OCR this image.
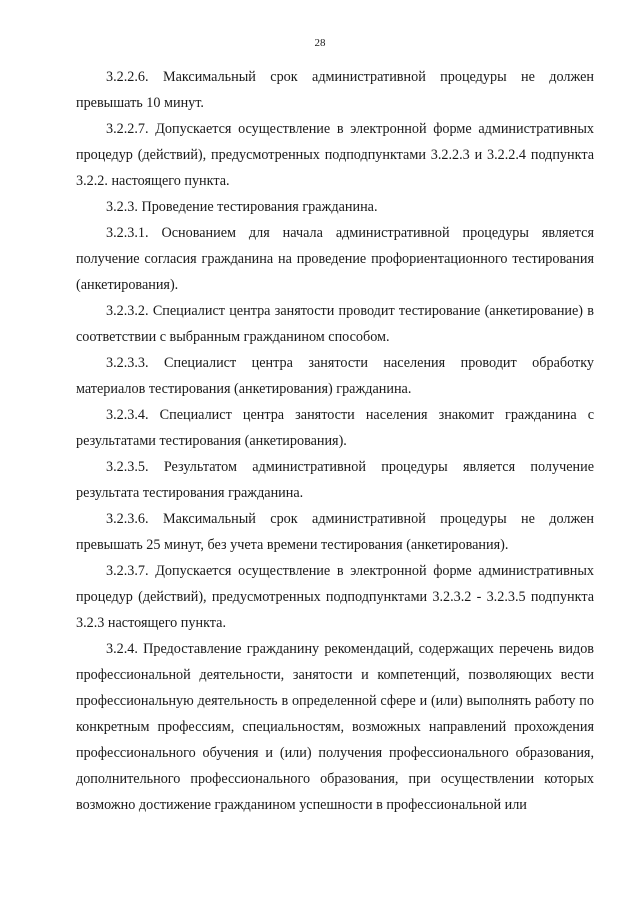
28

3.2.2.6. Максимальный срок административной процедуры не должен превышать 10 минут.

3.2.2.7. Допускается осуществление в электронной форме административных процедур (действий), предусмотренных подподпунктами 3.2.2.3 и 3.2.2.4 подпункта 3.2.2. настоящего пункта.

3.2.3. Проведение тестирования гражданина.

3.2.3.1. Основанием для начала административной процедуры является получение согласия гражданина на проведение профориентационного тестирования (анкетирования).

3.2.3.2. Специалист центра занятости проводит тестирование (анкетирование) в соответствии с выбранным гражданином способом.

3.2.3.3. Специалист центра занятости населения проводит обработку материалов тестирования (анкетирования) гражданина.

3.2.3.4. Специалист центра занятости населения знакомит гражданина с результатами тестирования (анкетирования).

3.2.3.5. Результатом административной процедуры является получение результата тестирования гражданина.

3.2.3.6. Максимальный срок административной процедуры не должен превышать 25 минут, без учета времени тестирования (анкетирования).

3.2.3.7. Допускается осуществление в электронной форме административных процедур (действий), предусмотренных подподпунктами 3.2.3.2 - 3.2.3.5 подпункта 3.2.3 настоящего пункта.

3.2.4. Предоставление гражданину рекомендаций, содержащих перечень видов профессиональной деятельности, занятости и компетенций, позволяющих вести профессиональную деятельность в определенной сфере и (или) выполнять работу по конкретным профессиям, специальностям, возможных направлений прохождения профессионального обучения и (или) получения профессионального образования, дополнительного профессионального образования, при осуществлении которых возможно достижение гражданином успешности в профессиональной или
